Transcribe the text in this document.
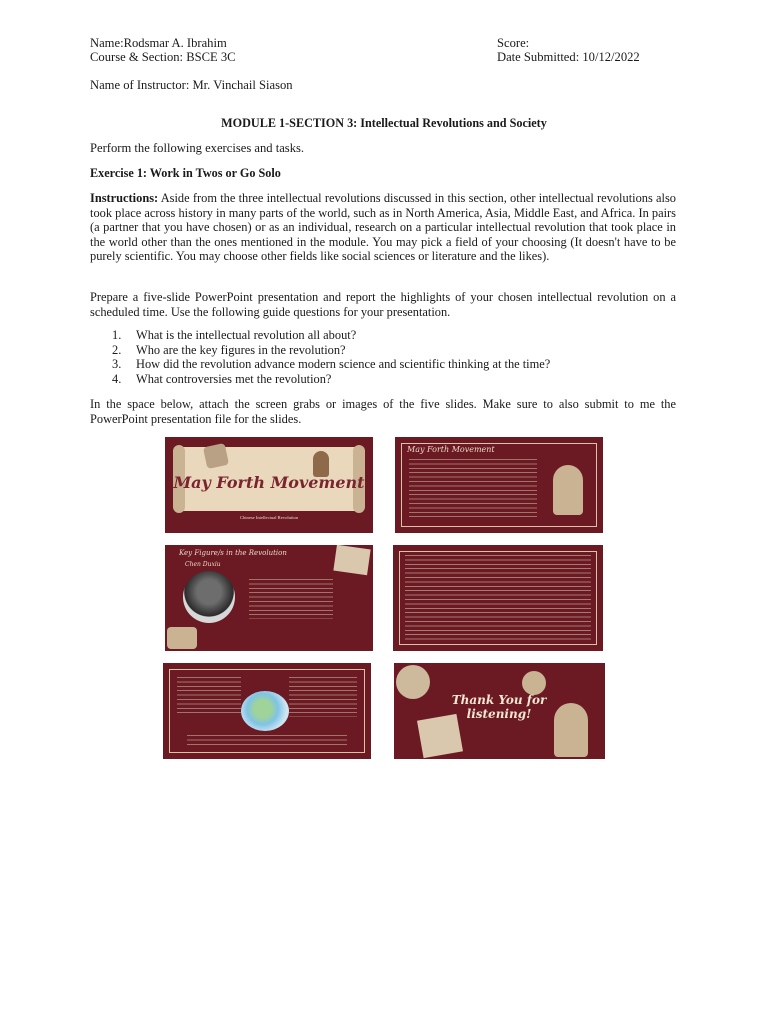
Name:Rodsmar A. Ibrahim
Course & Section: BSCE 3C
Name of Instructor: Mr. Vinchail Siason
Score:
Date Submitted: 10/12/2022
MODULE 1-SECTION 3: Intellectual Revolutions and Society
Perform the following exercises and tasks.
Exercise 1: Work in Twos or Go Solo
Instructions: Aside from the three intellectual revolutions discussed in this section, other intellectual revolutions also took place across history in many parts of the world, such as in North America, Asia, Middle East, and Africa. In pairs (a partner that you have chosen) or as an individual, research on a particular intellectual revolution that took place in the world other than the ones mentioned in the module. You may pick a field of your choosing (It doesn't have to be purely scientific. You may choose other fields like social sciences or literature and the likes).
Prepare a five-slide PowerPoint presentation and report the highlights of your chosen intellectual revolution on a scheduled time. Use the following guide questions for your presentation.
1.	What is the intellectual revolution all about?
2.	Who are the key figures in the revolution?
3.	How did the revolution advance modern science and scientific thinking at the time?
4.	What controversies met the revolution?
In the space below, attach the screen grabs or images of the five slides. Make sure to also submit to me the PowerPoint presentation file for the slides.
May Forth Movement
Chinese Intellectual Revolution
May Forth Movement
Key Figure/s in the Revolution
Chen Duxiu
Thank You for listening!
